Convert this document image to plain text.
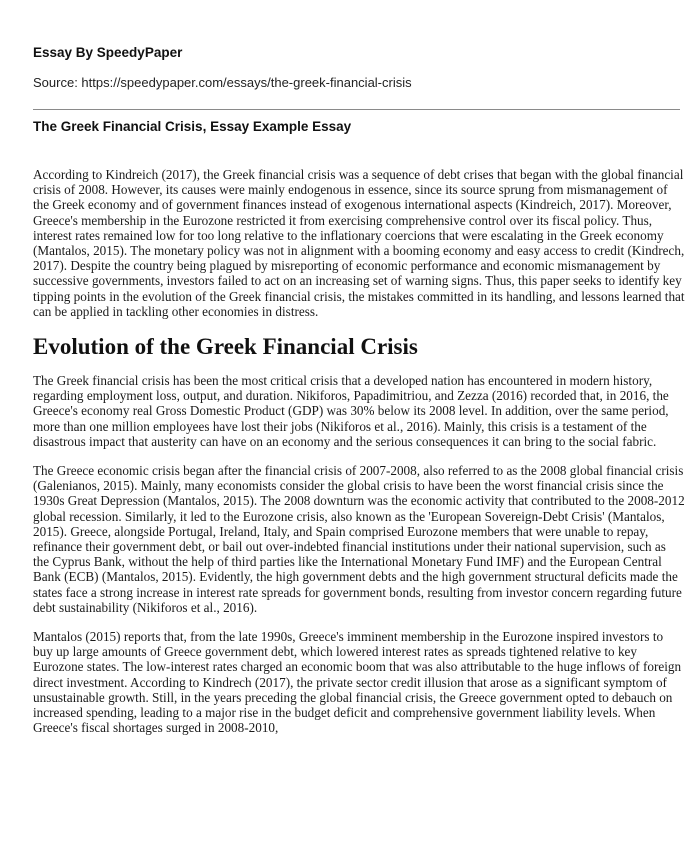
Essay By SpeedyPaper

Source: https://speedypaper.com/essays/the-greek-financial-crisis

The Greek Financial Crisis, Essay Example Essay

According to Kindreich (2017), the Greek financial crisis was a sequence of debt crises that began with the global financial crisis of 2008. However, its causes were mainly endogenous in essence, since its source sprung from mismanagement of the Greek economy and of government finances instead of exogenous international aspects (Kindreich, 2017). Moreover, Greece's membership in the Eurozone restricted it from exercising comprehensive control over its fiscal policy. Thus, interest rates remained low for too long relative to the inflationary coercions that were escalating in the Greek economy (Mantalos, 2015). The monetary policy was not in alignment with a booming economy and easy access to credit (Kindrech, 2017). Despite the country being plagued by misreporting of economic performance and economic mismanagement by successive governments, investors failed to act on an increasing set of warning signs. Thus, this paper seeks to identify key tipping points in the evolution of the Greek financial crisis, the mistakes committed in its handling, and lessons learned that can be applied in tackling other economies in distress.

Evolution of the Greek Financial Crisis

The Greek financial crisis has been the most critical crisis that a developed nation has encountered in modern history, regarding employment loss, output, and duration. Nikiforos, Papadimitriou, and Zezza (2016) recorded that, in 2016, the Greece's economy real Gross Domestic Product (GDP) was 30% below its 2008 level. In addition, over the same period, more than one million employees have lost their jobs (Nikiforos et al., 2016). Mainly, this crisis is a testament of the disastrous impact that austerity can have on an economy and the serious consequences it can bring to the social fabric.

The Greece economic crisis began after the financial crisis of 2007-2008, also referred to as the 2008 global financial crisis (Galenianos, 2015). Mainly, many economists consider the global crisis to have been the worst financial crisis since the 1930s Great Depression (Mantalos, 2015). The 2008 downturn was the economic activity that contributed to the 2008-2012 global recession. Similarly, it led to the Eurozone crisis, also known as the 'European Sovereign-Debt Crisis' (Mantalos, 2015). Greece, alongside Portugal, Ireland, Italy, and Spain comprised Eurozone members that were unable to repay, refinance their government debt, or bail out over-indebted financial institutions under their national supervision, such as the Cyprus Bank, without the help of third parties like the International Monetary Fund IMF) and the European Central Bank (ECB) (Mantalos, 2015). Evidently, the high government debts and the high government structural deficits made the states face a strong increase in interest rate spreads for government bonds, resulting from investor concern regarding future debt sustainability (Nikiforos et al., 2016).

Mantalos (2015) reports that, from the late 1990s, Greece's imminent membership in the Eurozone inspired investors to buy up large amounts of Greece government debt, which lowered interest rates as spreads tightened relative to key Eurozone states. The low-interest rates charged an economic boom that was also attributable to the huge inflows of foreign direct investment. According to Kindrech (2017), the private sector credit illusion that arose as a significant symptom of unsustainable growth. Still, in the years preceding the global financial crisis, the Greece government opted to debauch on increased spending, leading to a major rise in the budget deficit and comprehensive government liability levels. When Greece's fiscal shortages surged in 2008-2010,
